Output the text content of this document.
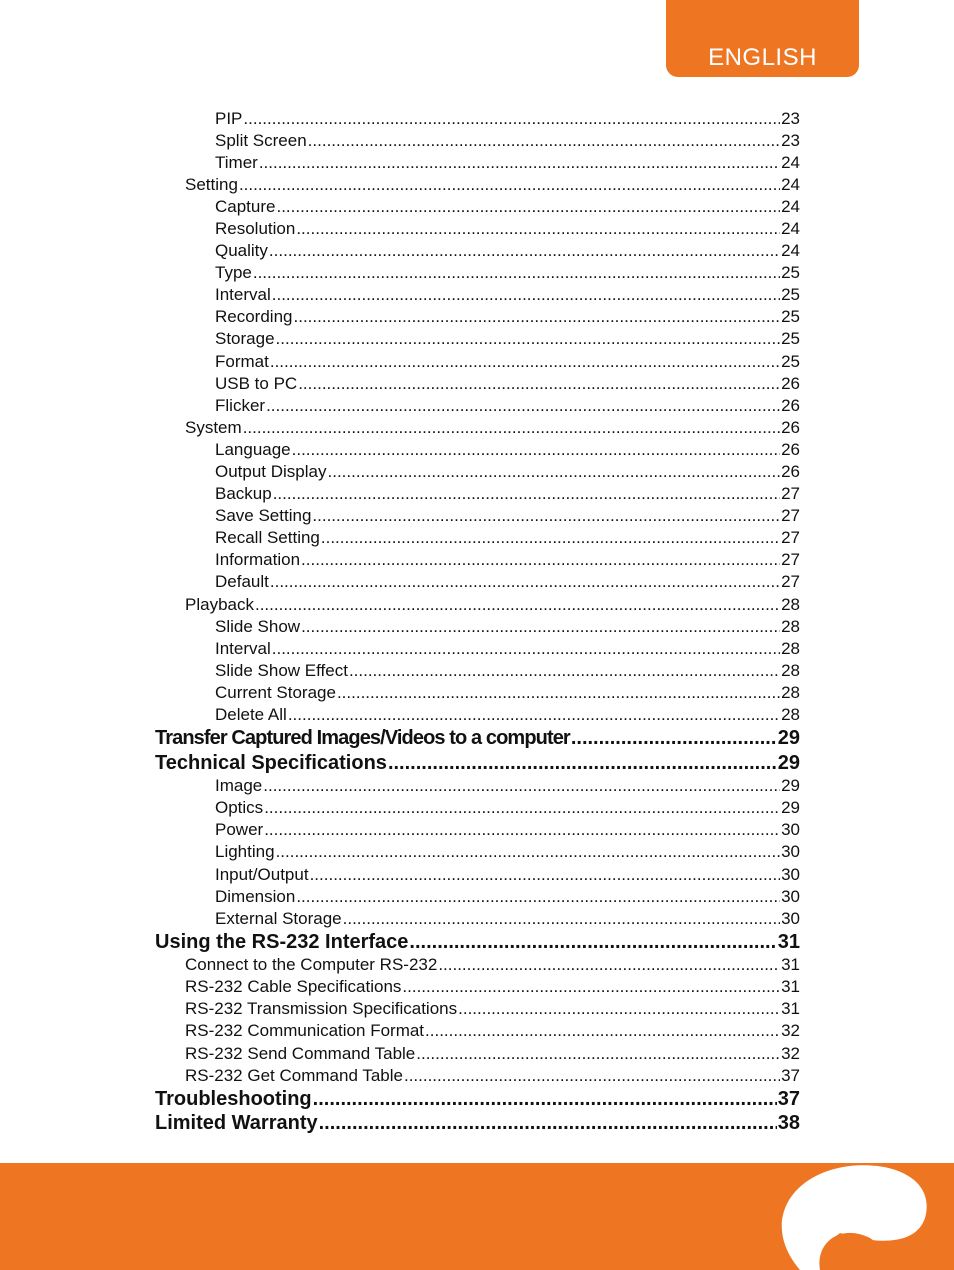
ENGLISH
PIP .....	23
Split Screen .....	23
Timer .....	24
Setting .....	24
Capture .....	24
Resolution .....	24
Quality .....	24
Type .....	25
Interval .....	25
Recording .....	25
Storage .....	25
Format .....	25
USB to PC .....	26
Flicker .....	26
System .....	26
Language .....	26
Output Display .....	26
Backup .....	27
Save Setting .....	27
Recall Setting .....	27
Information .....	27
Default .....	27
Playback .....	28
Slide Show .....	28
Interval .....	28
Slide Show Effect .....	28
Current Storage .....	28
Delete All .....	28
Transfer Captured Images/Videos to a computer .....	29
Technical Specifications .....	29
Image .....	29
Optics .....	29
Power .....	30
Lighting .....	30
Input/Output .....	30
Dimension .....	30
External Storage .....	30
Using the RS-232 Interface .....	31
Connect to the Computer RS-232 .....	31
RS-232 Cable Specifications .....	31
RS-232 Transmission Specifications .....	31
RS-232 Communication Format .....	32
RS-232 Send Command Table .....	32
RS-232 Get Command Table .....	37
Troubleshooting .....	37
Limited Warranty .....	38
